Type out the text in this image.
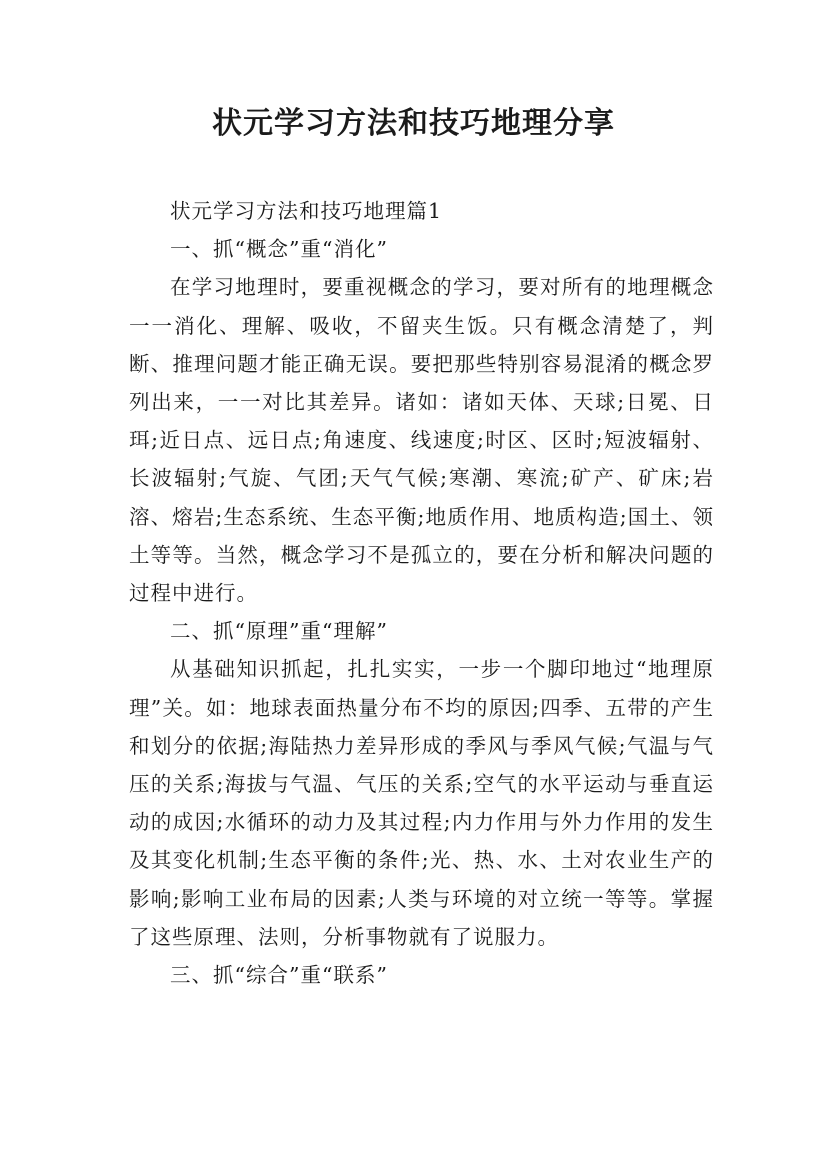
状元学习方法和技巧地理分享

状元学习方法和技巧地理篇1

一、抓“概念”重“消化”

在学习地理时，要重视概念的学习，要对所有的地理概念一一消化、理解、吸收，不留夹生饭。只有概念清楚了，判断、推理问题才能正确无误。要把那些特别容易混淆的概念罗列出来，一一对比其差异。诸如：诸如天体、天球;日冕、日珥;近日点、远日点;角速度、线速度;时区、区时;短波辐射、长波辐射;气旋、气团;天气气候;寒潮、寒流;矿产、矿床;岩溶、熔岩;生态系统、生态平衡;地质作用、地质构造;国土、领土等等。当然，概念学习不是孤立的，要在分析和解决问题的过程中进行。

二、抓“原理”重“理解”

从基础知识抓起，扎扎实实，一步一个脚印地过“地理原理”关。如：地球表面热量分布不均的原因;四季、五带的产生和划分的依据;海陆热力差异形成的季风与季风气候;气温与气压的关系;海拔与气温、气压的关系;空气的水平运动与垂直运动的成因;水循环的动力及其过程;内力作用与外力作用的发生及其变化机制;生态平衡的条件;光、热、水、土对农业生产的影响;影响工业布局的因素;人类与环境的对立统一等等。掌握了这些原理、法则，分析事物就有了说服力。

三、抓“综合”重“联系”
